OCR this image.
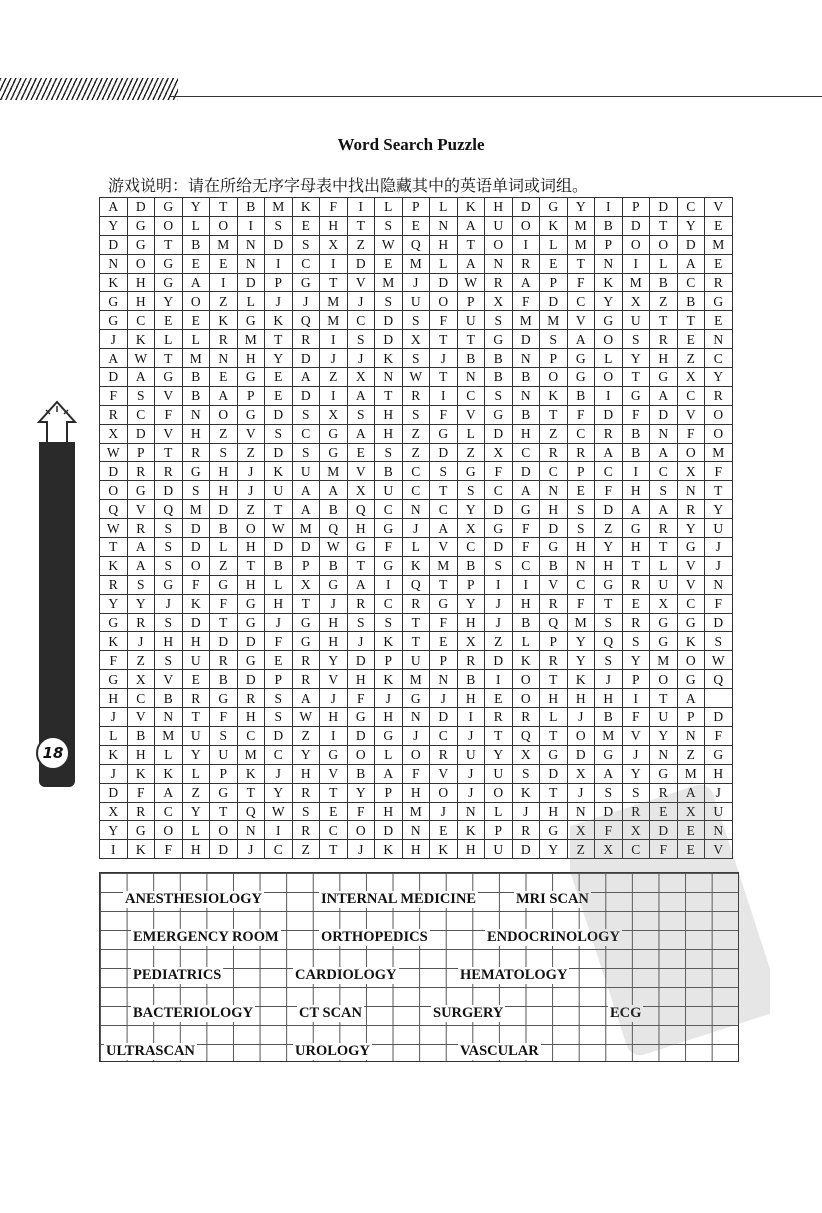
Word Search Puzzle
游戏说明：请在所给无序字母表中找出隐藏其中的英语单词或词组。
实
用
医
学
英
语
会
话
护
士
篇
18
A	D	G	Y	T	B	M	K	F	I	L	P	L	K	H	D	G	Y	I	P	D	C	V
Y	G	O	L	O	I	S	E	H	T	S	E	N	A	U	O	K	M	B	D	T	Y	E
D	G	T	B	M	N	D	S	X	Z	W	Q	H	T	O	I	L	M	P	O	O	D	M
N	O	G	E	E	N	I	C	I	D	E	M	L	A	N	R	E	T	N	I	L	A	E
K	H	G	A	I	D	P	G	T	V	M	J	D	W	R	A	P	F	K	M	B	C	R
G	H	Y	O	Z	L	J	J	M	J	S	U	O	P	X	F	D	C	Y	X	Z	B	G
G	C	E	E	K	G	K	Q	M	C	D	S	F	U	S	M	M	V	G	U	T	T	E
J	K	L	L	R	M	T	R	I	S	D	X	T	T	G	D	S	A	O	S	R	E	N
A	W	T	M	N	H	Y	D	J	J	K	S	J	B	B	N	P	G	L	Y	H	Z	C
D	A	G	B	E	G	E	A	Z	X	N	W	T	N	B	B	O	G	O	T	G	X	Y
F	S	V	B	A	P	E	D	I	A	T	R	I	C	S	N	K	B	I	G	A	C	R
R	C	F	N	O	G	D	S	X	S	H	S	F	V	G	B	T	F	D	F	D	V	O
X	D	V	H	Z	V	S	C	G	A	H	Z	G	L	D	H	Z	C	R	B	N	F	O
W	P	T	R	S	Z	D	S	G	E	S	Z	D	Z	X	C	R	R	A	B	A	O	M
D	R	R	G	H	J	K	U	M	V	B	C	S	G	F	D	C	P	C	I	C	X	F
O	G	D	S	H	J	U	A	A	X	U	C	T	S	C	A	N	E	F	H	S	N	T
Q	V	Q	M	D	Z	T	A	B	Q	C	N	C	Y	D	G	H	S	D	A	A	R	Y
W	R	S	D	B	O	W	M	Q	H	G	J	A	X	G	F	D	S	Z	G	R	Y	U
T	A	S	D	L	H	D	D	W	G	F	L	V	C	D	F	G	H	Y	H	T	G	J
K	A	S	O	Z	T	B	P	B	T	G	K	M	B	S	C	B	N	H	T	L	V	J
R	S	G	F	G	H	L	X	G	A	I	Q	T	P	I	I	V	C	G	R	U	V	N
Y	Y	J	K	F	G	H	T	J	R	C	R	G	Y	J	H	R	F	T	E	X	C	F
G	R	S	D	T	G	J	G	H	S	S	T	F	H	J	B	Q	M	S	R	G	G	D
K	J	H	H	D	D	F	G	H	J	K	T	E	X	Z	L	P	Y	Q	S	G	K	S
F	Z	S	U	R	G	E	R	Y	D	P	U	P	R	D	K	R	Y	S	Y	M	O	W
G	X	V	E	B	D	P	R	V	H	K	M	N	B	I	O	T	K	J	P	O	G	Q
H	C	B	R	G	R	S	A	J	F	J	G	J	H	E	O	H	H	H	I	T	A	
J	V	N	T	F	H	S	W	H	G	H	N	D	I	R	R	L	J	B	F	U	P	D
L	B	M	U	S	C	D	Z	I	D	G	J	C	J	T	Q	T	O	M	V	Y	N	F
K	H	L	Y	U	M	C	Y	G	O	L	O	R	U	Y	X	G	D	G	J	N	Z	G
J	K	K	L	P	K	J	H	V	B	A	F	V	J	U	S	D	X	A	Y	G	M	H
D	F	A	Z	G	T	Y	R	T	Y	P	H	O	J	O	K	T	J	S	S	R	A	J
X	R	C	Y	T	Q	W	S	E	F	H	M	J	N	L	J	H	N	D	R	E	X	U
Y	G	O	L	O	N	I	R	C	O	D	N	E	K	P	R	G	X	F	X	D	E	N
I	K	F	H	D	J	C	Z	T	J	K	H	K	H	U	D	Y	Z	X	C	F	E	V
ANESTHESIOLOGY	INTERNAL MEDICINE	MRI SCAN
EMERGENCY ROOM	ORTHOPEDICS	ENDOCRINOLOGY
PEDIATRICS	CARDIOLOGY	HEMATOLOGY
BACTERIOLOGY	CT SCAN	SURGERY	ECG
ULTRASCAN	UROLOGY	VASCULAR
